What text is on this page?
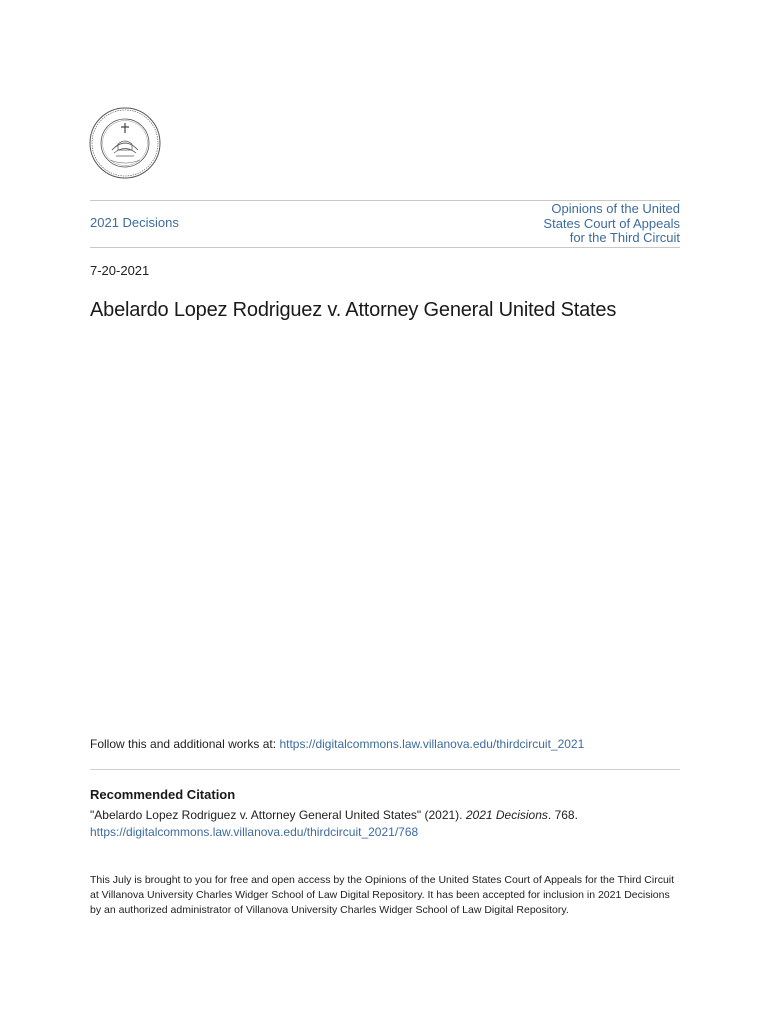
2021 Decisions
Opinions of the United
States Court of Appeals
for the Third Circuit
7-20-2021
Abelardo Lopez Rodriguez v. Attorney General United States
Follow this and additional works at: https://digitalcommons.law.villanova.edu/thirdcircuit_2021
Recommended Citation
"Abelardo Lopez Rodriguez v. Attorney General United States" (2021). 2021 Decisions. 768.
https://digitalcommons.law.villanova.edu/thirdcircuit_2021/768
This July is brought to you for free and open access by the Opinions of the United States Court of Appeals for the Third Circuit at Villanova University Charles Widger School of Law Digital Repository. It has been accepted for inclusion in 2021 Decisions by an authorized administrator of Villanova University Charles Widger School of Law Digital Repository.
